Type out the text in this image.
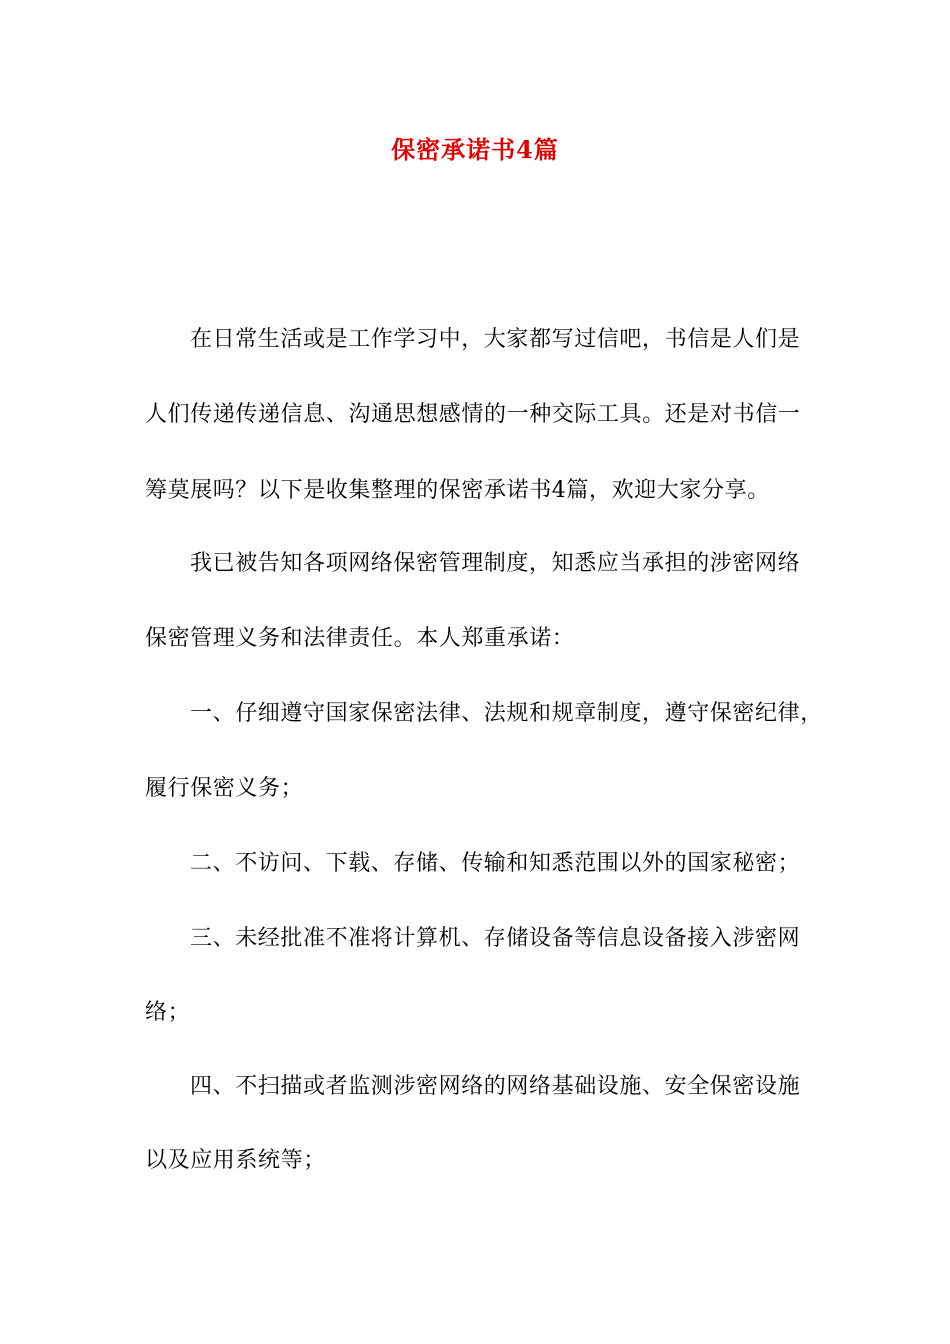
保密承诺书4篇
在日常生活或是工作学习中，大家都写过信吧，书信是人们是
人们传递传递信息、沟通思想感情的一种交际工具。还是对书信一
筹莫展吗？以下是收集整理的保密承诺书4篇，欢迎大家分享。
我已被告知各项网络保密管理制度，知悉应当承担的涉密网络
保密管理义务和法律责任。本人郑重承诺：
一、仔细遵守国家保密法律、法规和规章制度，遵守保密纪律，
履行保密义务；
二、不访问、下载、存储、传输和知悉范围以外的国家秘密；
三、未经批准不准将计算机、存储设备等信息设备接入涉密网
络；
四、不扫描或者监测涉密网络的网络基础设施、安全保密设施
以及应用系统等；
